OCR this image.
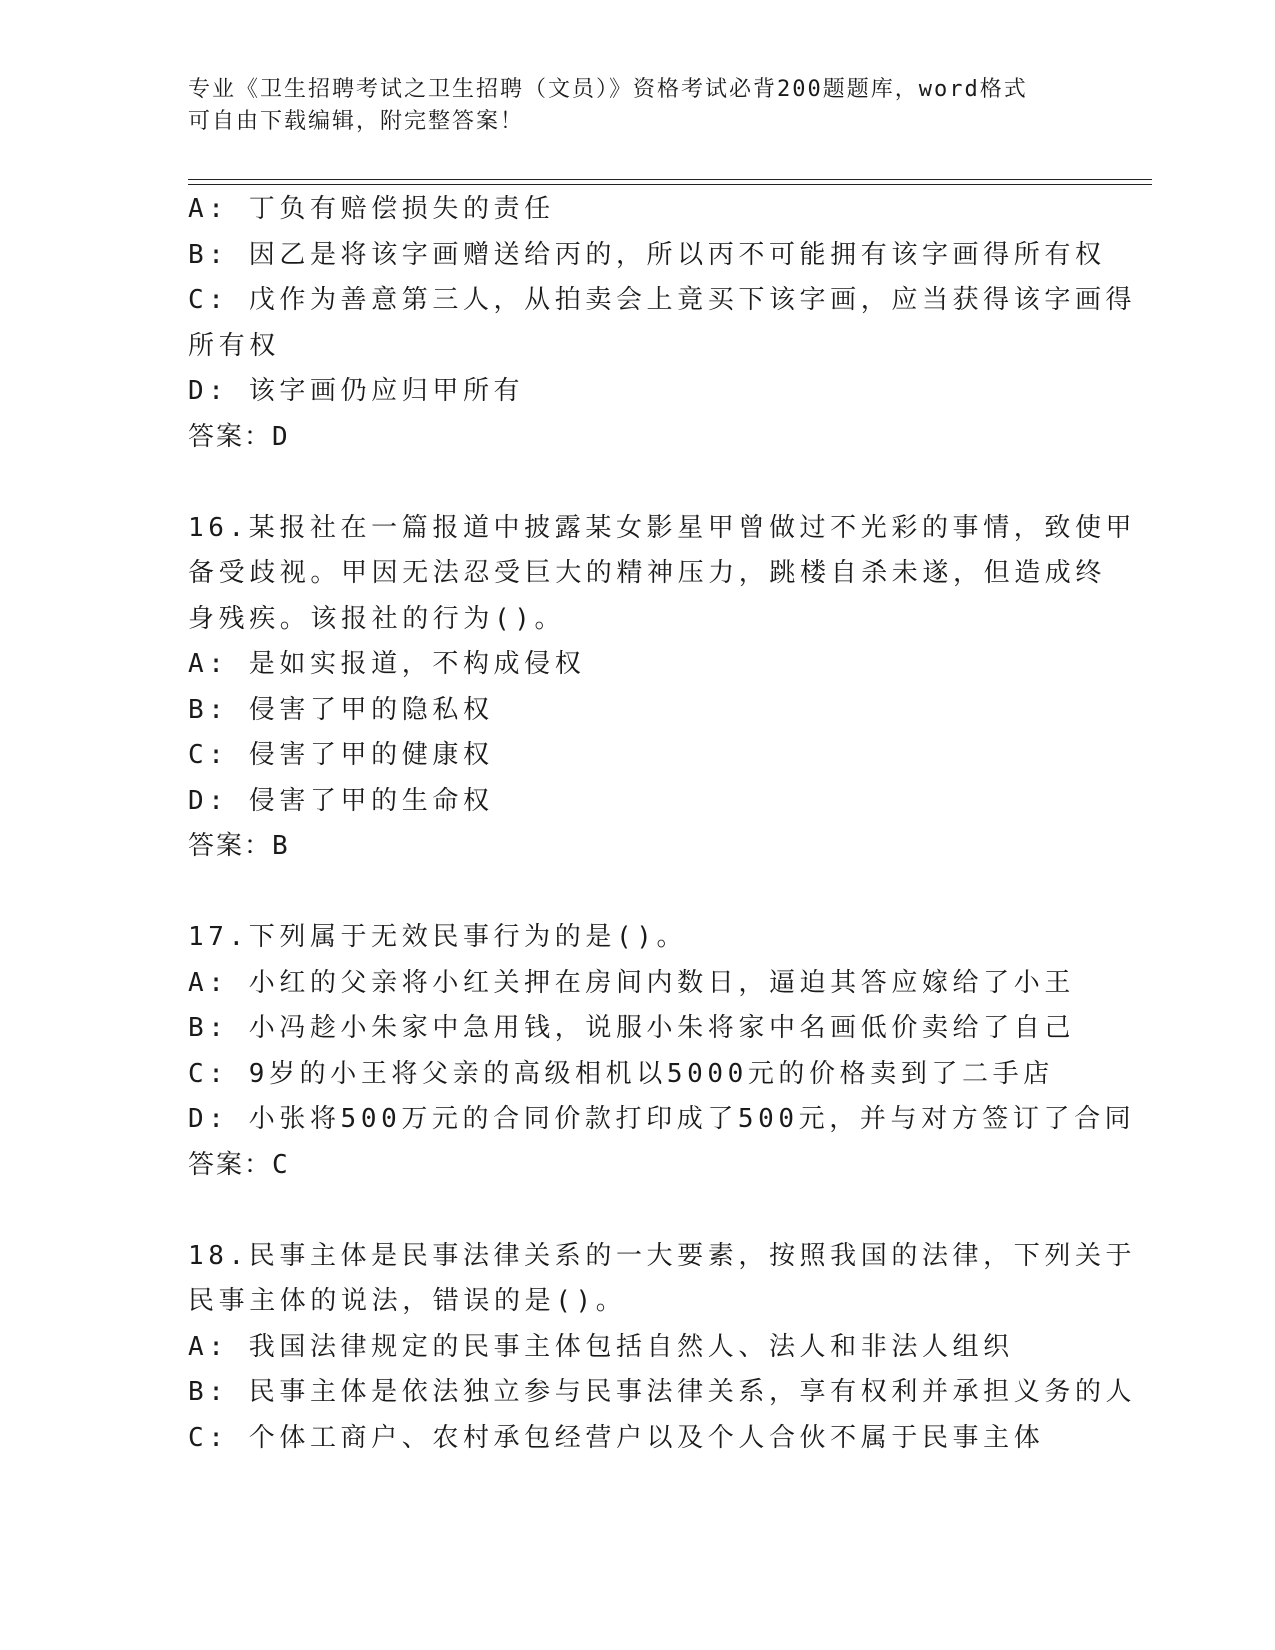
专业《卫生招聘考试之卫生招聘（文员）》资格考试必背200题题库，word格式
可自由下载编辑，附完整答案！
A: 丁负有赔偿损失的责任
B: 因乙是将该字画赠送给丙的，所以丙不可能拥有该字画得所有权
C: 戊作为善意第三人，从拍卖会上竟买下该字画，应当获得该字画得
所有权
D: 该字画仍应归甲所有
答案：D
16.某报社在一篇报道中披露某女影星甲曾做过不光彩的事情，致使甲
备受歧视。甲因无法忍受巨大的精神压力，跳楼自杀未遂，但造成终
身残疾。该报社的行为()。
A: 是如实报道，不构成侵权
B: 侵害了甲的隐私权
C: 侵害了甲的健康权
D: 侵害了甲的生命权
答案：B
17.下列属于无效民事行为的是()。
A: 小红的父亲将小红关押在房间内数日，逼迫其答应嫁给了小王
B: 小冯趁小朱家中急用钱，说服小朱将家中名画低价卖给了自己
C: 9岁的小王将父亲的高级相机以5000元的价格卖到了二手店
D: 小张将500万元的合同价款打印成了500元，并与对方签订了合同
答案：C
18.民事主体是民事法律关系的一大要素，按照我国的法律，下列关于
民事主体的说法，错误的是()。
A: 我国法律规定的民事主体包括自然人、法人和非法人组织
B: 民事主体是依法独立参与民事法律关系，享有权利并承担义务的人
C: 个体工商户、农村承包经营户以及个人合伙不属于民事主体
